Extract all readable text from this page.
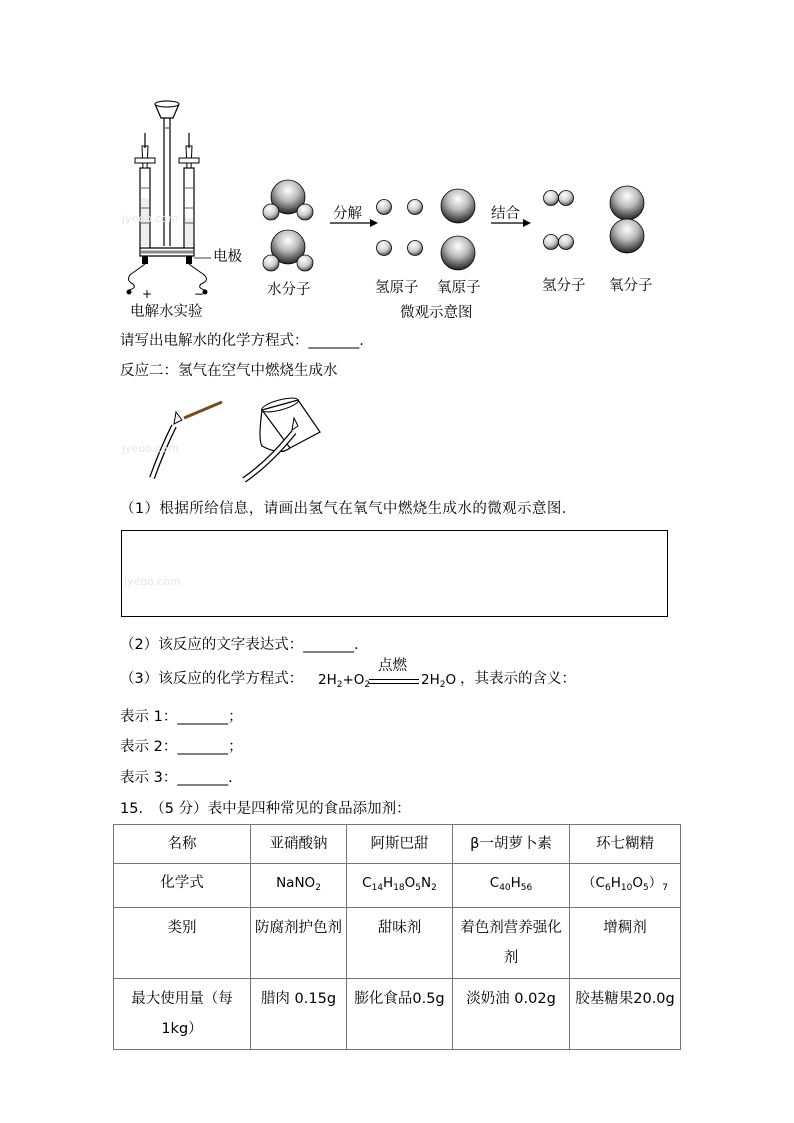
电极
+	−
电解水实验
分解	结合
水分子	氢原子 氧原子
微观示意图
氢分子 氧分子
请写出电解水的化学方程式：_______.
反应二：氢气在空气中燃烧生成水
（1）根据所给信息，请画出氢气在氧气中燃烧生成水的微观示意图．
（2）该反应的文字表达式：_______.
（3）该反应的化学方程式： $2H_2+O_2$
点燃
$2H_2O$ ，其表示的含义：
表示 1：_______；
表示 2：_______；
表示 3：_______.
15.　（5 分）表中是四种常见的食品添加剂：
名称	亚硝酸钠	阿斯巴甜	β一胡萝卜素	环七糊精
化学式	NaNO$_2$	$C_{14}H_{18}O_5N_2$	$C_{40}H_{56}$	$(C_6H_{10}O_5)_7$
类别	防腐剂护色剂	甜味剂	着色剂营养强化剂	增稠剂
最大使用量（每1kg）	腊肉 0.15g	膨化食品0.5g	淡奶油 0.02g	胶基糖果20.0g
jyeoo.com
jyeoo.com
jyeoo.com
